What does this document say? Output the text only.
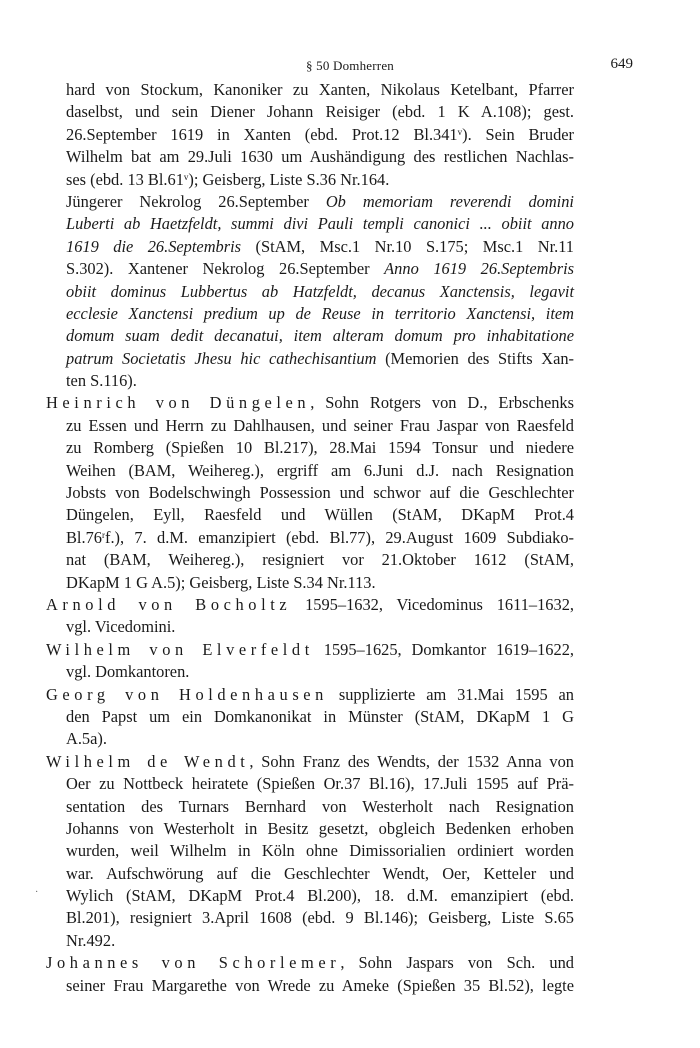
§ 50 Domherren	649
hard von Stockum, Kanoniker zu Xanten, Nikolaus Ketelbant, Pfarrer
daselbst, und sein Diener Johann Reisiger (ebd. 1 K A.108); gest.
26.September 1619 in Xanten (ebd. Prot.12 Bl.341$^v$). Sein Bruder
Wilhelm bat am 29.Juli 1630 um Aushändigung des restlichen Nachlas-
ses (ebd. 13 Bl.61$^v$); Geisberg, Liste S.36 Nr.164.
Jüngerer Nekrolog 26.September Ob memoriam reverendi domini
Luberti ab Haetzfeldt, summi divi Pauli templi canonici ... obiit anno
1619 die 26.Septembris (StAM, Msc.1 Nr.10 S.175; Msc.1 Nr.11
S.302). Xantener Nekrolog 26.September Anno 1619 26.Septembris
obiit dominus Lubbertus ab Hatzfeldt, decanus Xanctensis, legavit
ecclesie Xanctensi predium up de Reuse in territorio Xanctensi, item
domum suam dedit decanatui, item alteram domum pro inhabitatione
patrum Societatis Jhesu hic cathechisantium (Memorien des Stifts Xan-
ten S.116).
Heinrich von Düngelen, Sohn Rotgers von D., Erbschenks
zu Essen und Herrn zu Dahlhausen, und seiner Frau Jaspar von Raesfeld
zu Romberg (Spießen 10 Bl.217), 28.Mai 1594 Tonsur und niedere
Weihen (BAM, Weihereg.), ergriff am 6.Juni d.J. nach Resignation
Jobsts von Bodelschwingh Possession und schwor auf die Geschlechter
Düngelen, Eyll, Raesfeld und Wüllen (StAM, DKapM Prot.4
Bl.76$^r$f.), 7. d.M. emanzipiert (ebd. Bl.77), 29.August 1609 Subdiako-
nat (BAM, Weihereg.), resigniert vor 21.Oktober 1612 (StAM,
DKapM 1 G A.5); Geisberg, Liste S.34 Nr.113.
Arnold von Bocholtz 1595–1632, Vicedominus 1611–1632,
vgl. Vicedomini.
Wilhelm von Elverfeldt 1595–1625, Domkantor 1619–1622,
vgl. Domkantoren.
Georg von Holdenhausen supplizierte am 31.Mai 1595 an
den Papst um ein Domkanonikat in Münster (StAM, DKapM 1 G
A.5a).
Wilhelm de Wendt, Sohn Franz des Wendts, der 1532 Anna von
Oer zu Nottbeck heiratete (Spießen Or.37 Bl.16), 17.Juli 1595 auf Prä-
sentation des Turnars Bernhard von Westerholt nach Resignation
Johanns von Westerholt in Besitz gesetzt, obgleich Bedenken erhoben
wurden, weil Wilhelm in Köln ohne Dimissorialien ordiniert worden
war. Aufschwörung auf die Geschlechter Wendt, Oer, Ketteler und
Wylich (StAM, DKapM Prot.4 Bl.200), 18. d.M. emanzipiert (ebd.
Bl.201), resigniert 3.April 1608 (ebd. 9 Bl.146); Geisberg, Liste S.65
Nr.492.
Johannes von Schorlemer, Sohn Jaspars von Sch. und
seiner Frau Margarethe von Wrede zu Ameke (Spießen 35 Bl.52), legte
·
